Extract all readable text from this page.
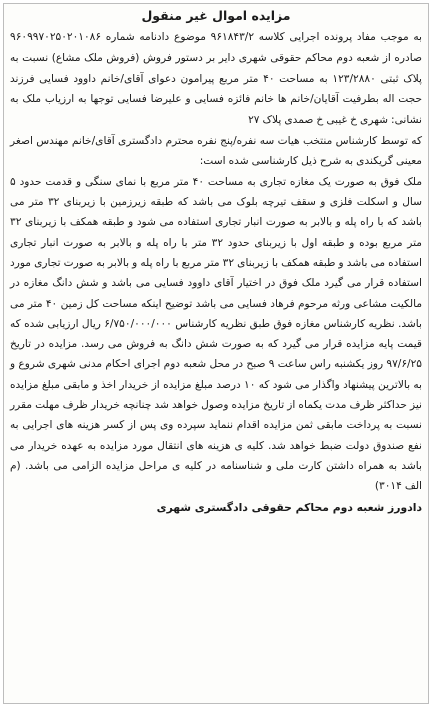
مزایده اموال غیر منقول

به موجب مفاد پرونده اجرایی کلاسه ۹۶۱۸۴۳/۲ موضوع دادنامه شماره ۹۶۰۹۹۷۰۲۵۰۲۰۱۰۸۶ صادره از شعبه دوم محاکم حقوقی شهری دایر بر دستور فروش (فروش ملک مشاع) نسبت به پلاک ثبتی ۱۲۳/۲۸۸۰ به مساحت ۴۰ متر مربع پیرامون دعوای آقای/خانم داوود فسایی فرزند حجت اله بطرفیت آقایان/خانم ها خانم فائزه فسایی و علیرضا فسایی توجها به ارزیاب ملک به نشانی: شهری خ غیبی خ صمدی پلاک ۲۷

که توسط کارشناس منتخب هیات سه نفره/پنج نفره محترم دادگستری آقای/خانم مهندس اصغر معینی گریکندی به شرح ذیل کارشناسی شده است:

ملک فوق به صورت یک مغازه تجاری به مساحت ۴۰ متر مربع با نمای سنگی و قدمت حدود ۵ سال و اسکلت فلزی و سقف تیرچه بلوک می باشد که طبقه زیرزمین با زیربنای ۳۲ متر می باشد که با راه پله و بالابر به صورت انبار تجاری استفاده می شود و طبقه همکف با زیربنای ۳۲ متر مربع بوده و طبقه اول با زیربنای حدود ۳۲ متر با راه پله و بالابر به صورت انبار تجاری استفاده می باشد و طبقه همکف با زیربنای ۳۲ متر مربع با راه پله و بالابر به صورت تجاری مورد استفاده قرار می گیرد ملک فوق در اختیار آقای داوود فسایی می باشد و شش دانگ مغازه در مالکیت مشاعی ورثه مرحوم فرهاد فسایی می باشد توضیح اینکه مساحت کل زمین ۴۰ متر می باشد. نظریه کارشناس مغازه فوق طبق نظریه کارشناس ۶/۷۵۰/۰۰۰/۰۰۰ ریال ارزیابی شده که قیمت پایه مزایده قرار می گیرد که به صورت شش دانگ به فروش می رسد. مزایده در تاریخ ۹۷/۶/۲۵ روز یکشنبه راس ساعت ۹ صبح در محل شعبه دوم اجرای احکام مدنی شهری شروع و به بالاترین پیشنهاد واگذار می شود که ۱۰ درصد مبلغ مزایده از خریدار اخذ و مابقی مبلغ مزایده نیز حداکثر ظرف مدت یکماه از تاریخ مزایده وصول خواهد شد چنانچه خریدار ظرف مهلت مقرر نسبت به پرداخت مابقی ثمن مزایده اقدام ننماید سپرده وی پس از کسر هزینه های اجرایی به نفع صندوق دولت ضبط خواهد شد. کلیه ی هزینه های انتقال مورد مزایده به عهده خریدار می باشد به همراه داشتن کارت ملی و شناسنامه در کلیه ی مراحل مزایده الزامی می باشد. (م الف ۳۰۱۴)

دادورز شعبه دوم محاکم حقوقی دادگستری شهری
